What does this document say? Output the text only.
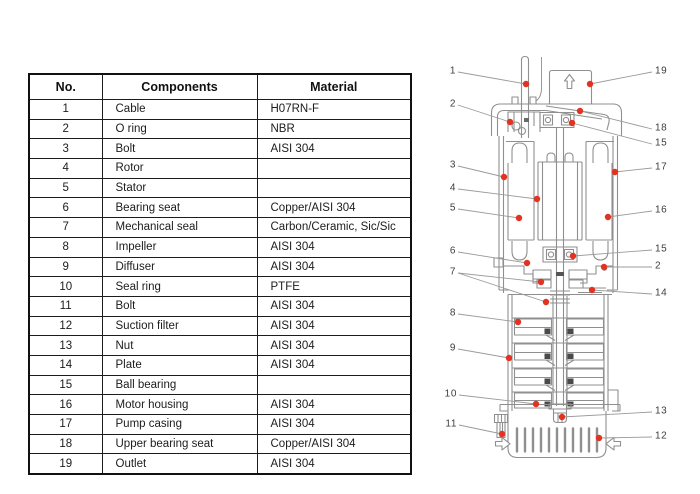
No.	Components	Material
1	Cable	H07RN-F
2	O ring	NBR
3	Bolt	AISI 304
4	Rotor	
5	Stator	
6	Bearing seat	Copper/AISI 304
7	Mechanical seal	Carbon/Ceramic, Sic/Sic
8	Impeller	AISI 304
9	Diffuser	AISI 304
10	Seal ring	PTFE
11	Bolt	AISI 304
12	Suction filter	AISI 304
13	Nut	AISI 304
14	Plate	AISI 304
15	Ball bearing	
16	Motor housing	AISI 304
17	Pump casing	AISI 304
18	Upper bearing seat	Copper/AISI 304
19	Outlet	AISI 304
1
2
3
4
5
6
7
8
9
10
11
19
18
15
17
16
15
2
14
13
12
